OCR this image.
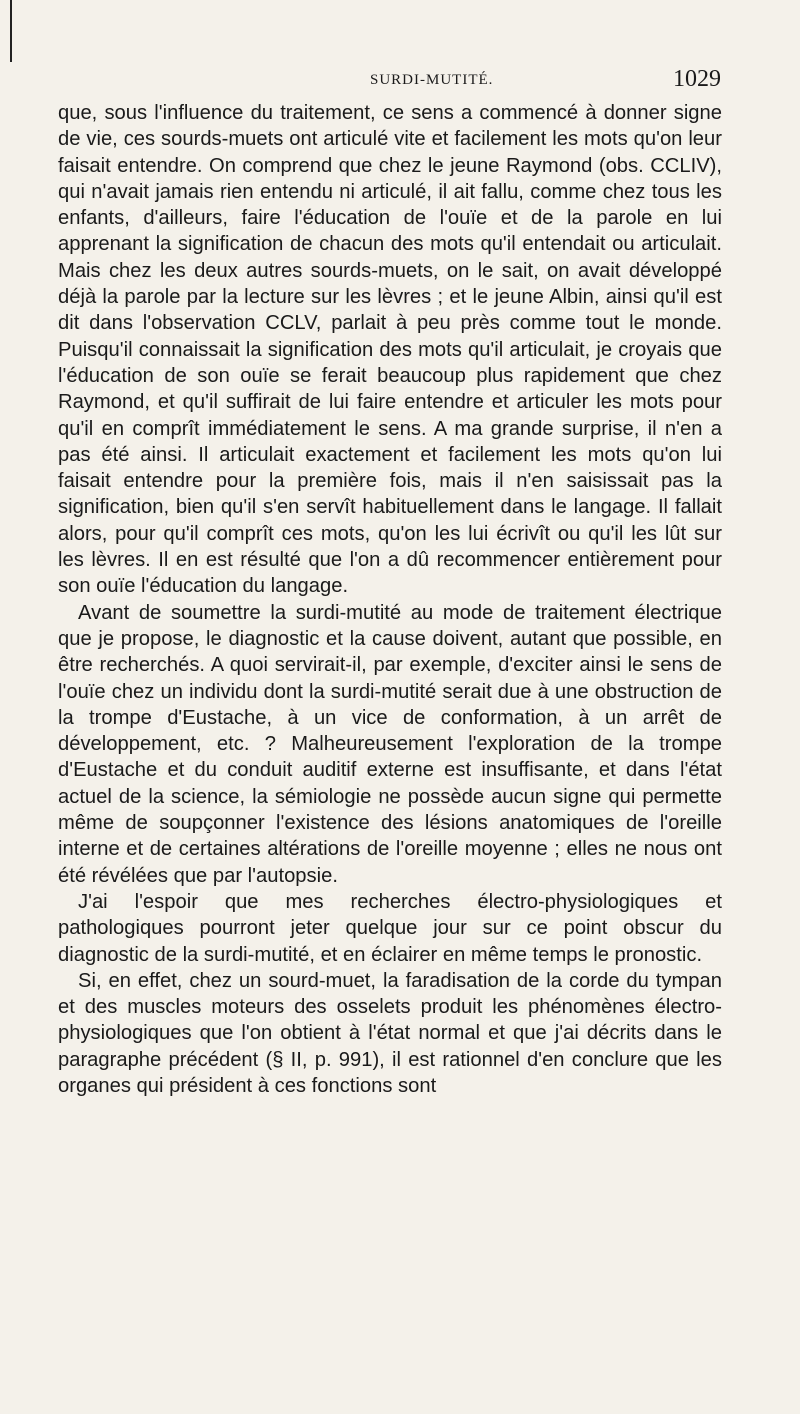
SURDI-MUTITÉ.	1029

que, sous l'influence du traitement, ce sens a commencé à donner signe de vie, ces sourds-muets ont articulé vite et facilement les mots qu'on leur faisait entendre. On comprend que chez le jeune Raymond (obs. CCLIV), qui n'avait jamais rien entendu ni articulé, il ait fallu, comme chez tous les enfants, d'ailleurs, faire l'éducation de l'ouïe et de la parole en lui apprenant la signification de chacun des mots qu'il entendait ou articulait. Mais chez les deux autres sourds-muets, on le sait, on avait développé déjà la parole par la lecture sur les lèvres ; et le jeune Albin, ainsi qu'il est dit dans l'observation CCLV, parlait à peu près comme tout le monde. Puisqu'il connaissait la signification des mots qu'il articulait, je croyais que l'éducation de son ouïe se ferait beaucoup plus rapidement que chez Raymond, et qu'il suffirait de lui faire entendre et articuler les mots pour qu'il en comprît immédiatement le sens. A ma grande surprise, il n'en a pas été ainsi. Il articulait exactement et facilement les mots qu'on lui faisait entendre pour la première fois, mais il n'en saisissait pas la signification, bien qu'il s'en servît habituellement dans le langage. Il fallait alors, pour qu'il comprît ces mots, qu'on les lui écrivît ou qu'il les lût sur les lèvres. Il en est résulté que l'on a dû recommencer entièrement pour son ouïe l'éducation du langage.

Avant de soumettre la surdi-mutité au mode de traitement électrique que je propose, le diagnostic et la cause doivent, autant que possible, en être recherchés. A quoi servirait-il, par exemple, d'exciter ainsi le sens de l'ouïe chez un individu dont la surdi-mutité serait due à une obstruction de la trompe d'Eustache, à un vice de conformation, à un arrêt de développement, etc. ? Malheureusement l'exploration de la trompe d'Eustache et du conduit auditif externe est insuffisante, et dans l'état actuel de la science, la sémiologie ne possède aucun signe qui permette même de soupçonner l'existence des lésions anatomiques de l'oreille interne et de certaines altérations de l'oreille moyenne ; elles ne nous ont été révélées que par l'autopsie.

J'ai l'espoir que mes recherches électro-physiologiques et pathologiques pourront jeter quelque jour sur ce point obscur du diagnostic de la surdi-mutité, et en éclairer en même temps le pronostic.

Si, en effet, chez un sourd-muet, la faradisation de la corde du tympan et des muscles moteurs des osselets produit les phénomènes électro-physiologiques que l'on obtient à l'état normal et que j'ai décrits dans le paragraphe précédent (§ II, p. 991), il est rationnel d'en conclure que les organes qui président à ces fonctions sont
